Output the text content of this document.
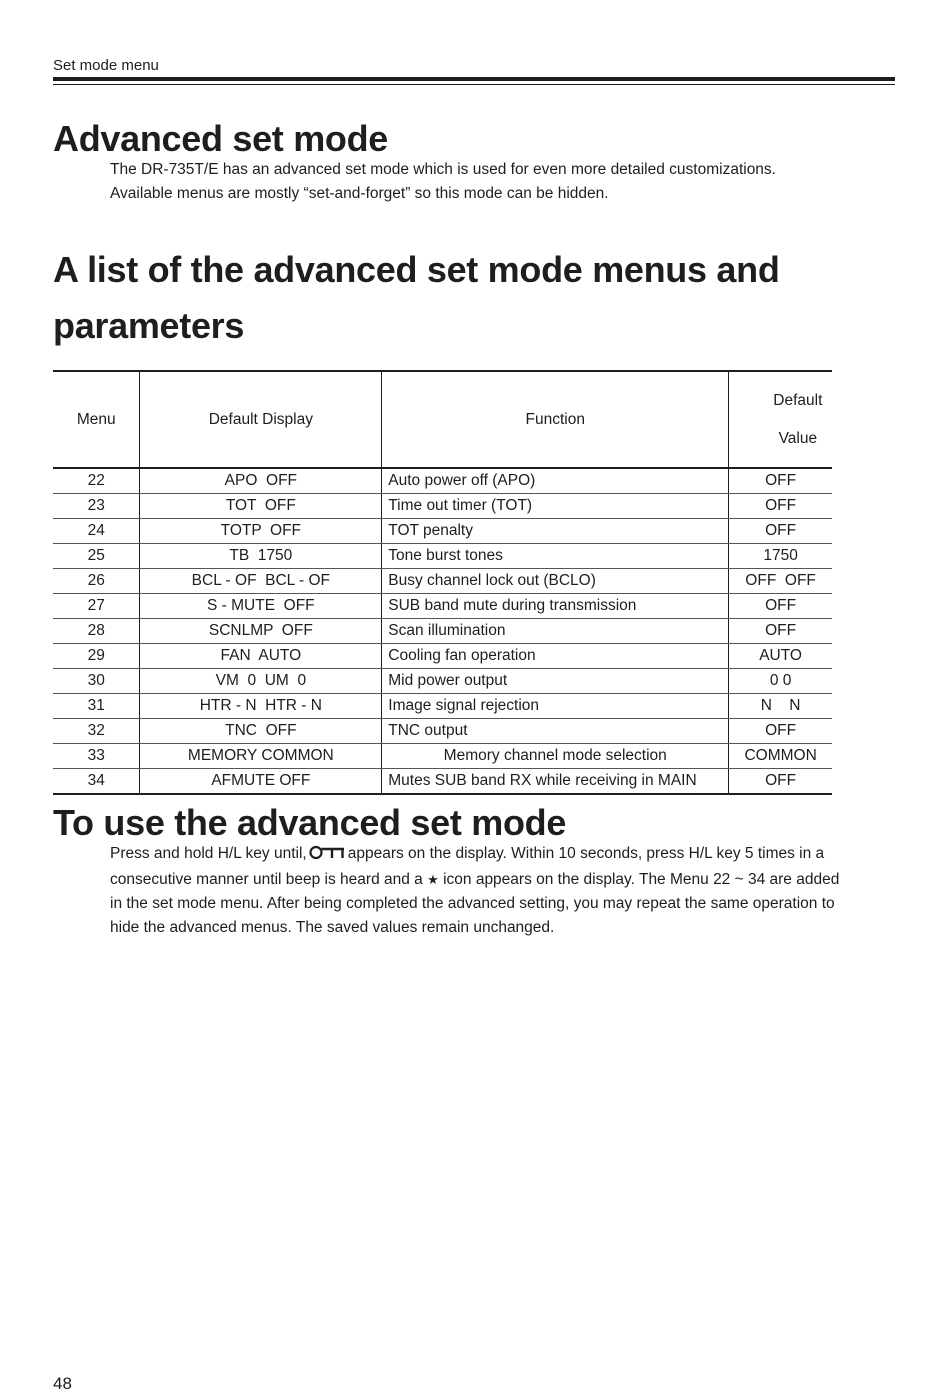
Set mode menu
Advanced set mode

The DR-735T/E has an advanced set mode which is used for even more detailed customizations.
Available menus are mostly “set-and-forget” so this mode can be hidden.

A list of the advanced set mode menus and parameters
Menu	Default Display	Function	Default

Value

22	APO  OFF	Auto power off (APO)	OFF
23	TOT  OFF	Time out timer (TOT)	OFF
24	TOTP  OFF	TOT penalty	OFF
25	TB  1750	Tone burst tones	1750
26	BCL - OF  BCL - OF	Busy channel lock out (BCLO)	OFF  OFF
27	S - MUTE  OFF	SUB band mute during transmission	OFF
28	SCNLMP  OFF	Scan illumination	OFF
29	FAN  AUTO	Cooling fan operation	AUTO
30	VM  0  UM  0	Mid power output	0 0
31	HTR - N  HTR - N	Image signal rejection	N    N
32	TNC  OFF	TNC output	OFF
33	MEMORY COMMON	Memory channel mode selection	COMMON
34	AFMUTE OFF	Mutes SUB band RX while receiving in MAIN	OFF
To use the advanced set mode

Press and hold H/L key until,	appears on the display. Within 10 seconds, press H/L key 5 times in a
consecutive manner until beep is heard and a ★ icon appears on the display. The Menu 22 ~ 34 are added
in the set mode menu. After being completed the advanced setting, you may repeat the same operation to
hide the advanced menus. The saved values remain unchanged.

48
